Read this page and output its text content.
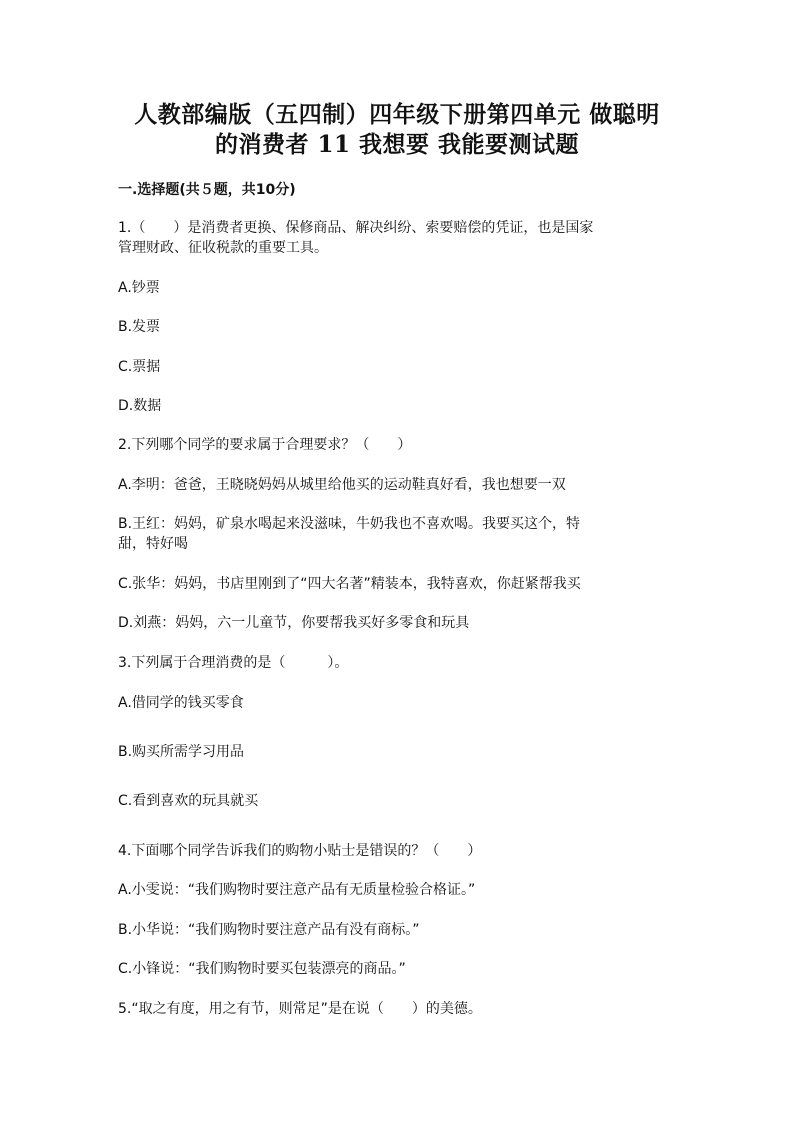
人教部编版（五四制）四年级下册第四单元 做聪明
的消费者 11 我想要 我能要测试题
一.选择题(共５题，共10分)
1.（　　）是消费者更换、保修商品、解决纠纷、索要赔偿的凭证，也是国家
管理财政、征收税款的重要工具。
A.钞票
B.发票
C.票据
D.数据
2.下列哪个同学的要求属于合理要求？（　　）
A.李明：爸爸，王晓晓妈妈从城里给他买的运动鞋真好看，我也想要一双
B.王红：妈妈，矿泉水喝起来没滋味，牛奶我也不喜欢喝。我要买这个，特
甜，特好喝
C.张华：妈妈，书店里刚到了“四大名著”精装本，我特喜欢，你赶紧帮我买
D.刘燕：妈妈，六一儿童节，你要帮我买好多零食和玩具
3.下列属于合理消费的是（　　　）。
A.借同学的钱买零食
B.购买所需学习用品
C.看到喜欢的玩具就买
4.下面哪个同学告诉我们的购物小贴士是错误的？（　　）
A.小雯说：“我们购物时要注意产品有无质量检验合格证。”
B.小华说：“我们购物时要注意产品有没有商标。”
C.小锋说：“我们购物时要买包装漂亮的商品。”
5.“取之有度，用之有节，则常足”是在说（　　）的美德。
